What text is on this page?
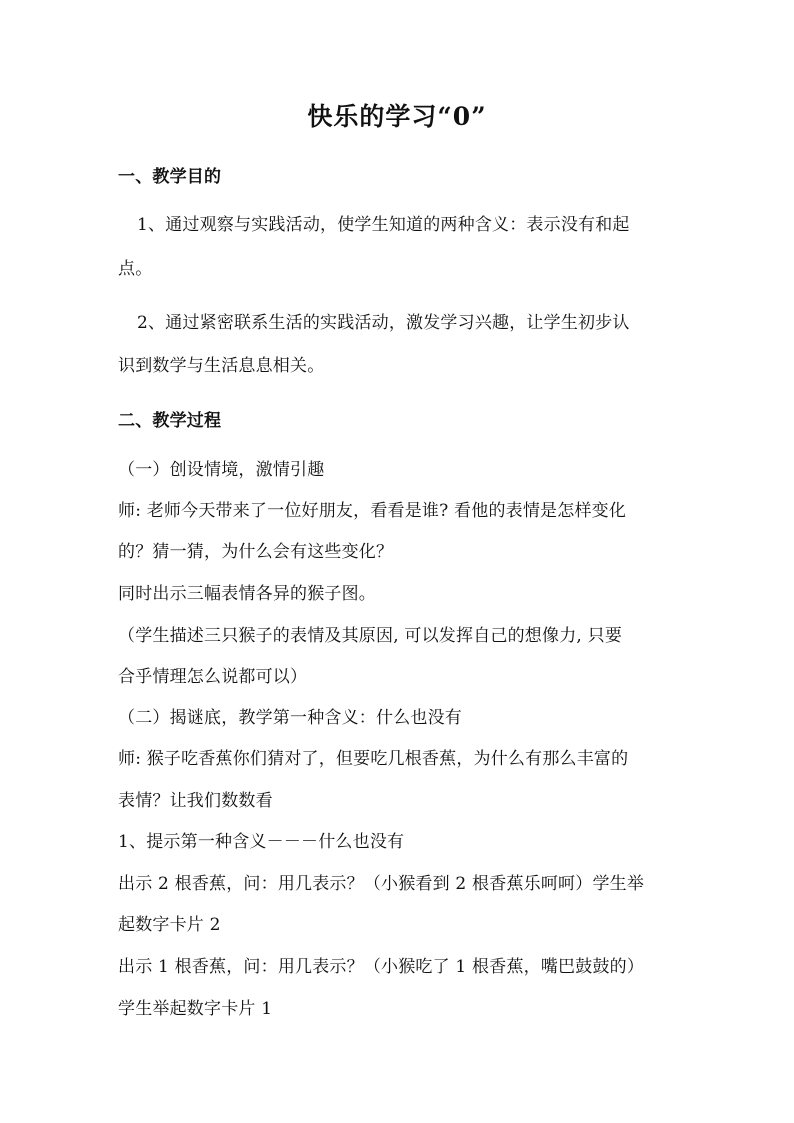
快乐的学习“0”
一、教学目的
1、通过观察与实践活动，使学生知道的两种含义：表示没有和起
点。
2、通过紧密联系生活的实践活动，激发学习兴趣，让学生初步认
识到数学与生活息息相关。
二、教学过程
（一）创设情境，激情引趣
师: 老师今天带来了一位好朋友，看看是谁? 看他的表情是怎样变化
的？猜一猜，为什么会有这些变化？
同时出示三幅表情各异的猴子图。
（学生描述三只猴子的表情及其原因, 可以发挥自己的想像力, 只要
合乎情理怎么说都可以）
（二）揭谜底，教学第一种含义：什么也没有
师: 猴子吃香蕉你们猜对了，但要吃几根香蕉，为什么有那么丰富的
表情？让我们数数看
1、提示第一种含义－－－什么也没有
出示 2 根香蕉，问：用几表示？（小猴看到 2 根香蕉乐呵呵）学生举
起数字卡片 2
出示 1 根香蕉，问：用几表示？（小猴吃了 1 根香蕉，嘴巴鼓鼓的）
学生举起数字卡片 1
